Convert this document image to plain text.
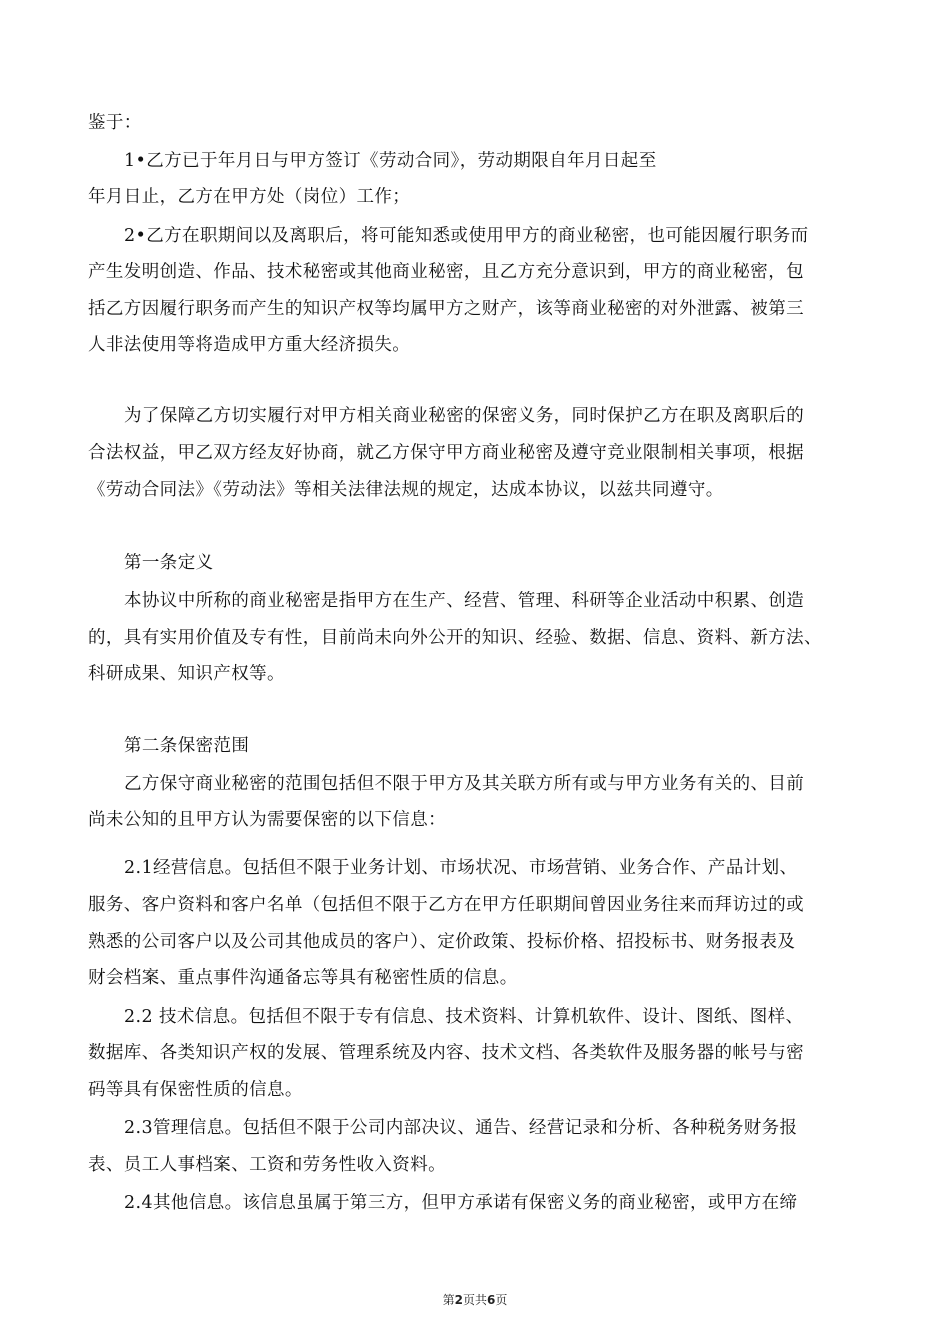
鉴于：
1•乙方已于年月日与甲方签订《劳动合同》，劳动期限自年月日起至
年月日止，乙方在甲方处（岗位）工作；
2•乙方在职期间以及离职后，将可能知悉或使用甲方的商业秘密，也可能因履行职务而
产生发明创造、作品、技术秘密或其他商业秘密，且乙方充分意识到，甲方的商业秘密，包
括乙方因履行职务而产生的知识产权等均属甲方之财产，该等商业秘密的对外泄露、被第三
人非法使用等将造成甲方重大经济损失。
为了保障乙方切实履行对甲方相关商业秘密的保密义务，同时保护乙方在职及离职后的
合法权益，甲乙双方经友好协商，就乙方保守甲方商业秘密及遵守竞业限制相关事项，根据
《劳动合同法》《劳动法》等相关法律法规的规定，达成本协议，以兹共同遵守。
第一条定义
本协议中所称的商业秘密是指甲方在生产、经营、管理、科研等企业活动中积累、创造
的，具有实用价值及专有性，目前尚未向外公开的知识、经验、数据、信息、资料、新方法、
科研成果、知识产权等。
第二条保密范围
乙方保守商业秘密的范围包括但不限于甲方及其关联方所有或与甲方业务有关的、目前
尚未公知的且甲方认为需要保密的以下信息：
2.1经营信息。包括但不限于业务计划、市场状况、市场营销、业务合作、产品计划、
服务、客户资料和客户名单（包括但不限于乙方在甲方任职期间曾因业务往来而拜访过的或
熟悉的公司客户以及公司其他成员的客户）、定价政策、投标价格、招投标书、财务报表及
财会档案、重点事件沟通备忘等具有秘密性质的信息。
2.2 技术信息。包括但不限于专有信息、技术资料、计算机软件、设计、图纸、图样、
数据库、各类知识产权的发展、管理系统及内容、技术文档、各类软件及服务器的帐号与密
码等具有保密性质的信息。
2.3管理信息。包括但不限于公司内部决议、通告、经营记录和分析、各种税务财务报
表、员工人事档案、工资和劳务性收入资料。
2.4其他信息。该信息虽属于第三方，但甲方承诺有保密义务的商业秘密，或甲方在缔
第2页共6页
